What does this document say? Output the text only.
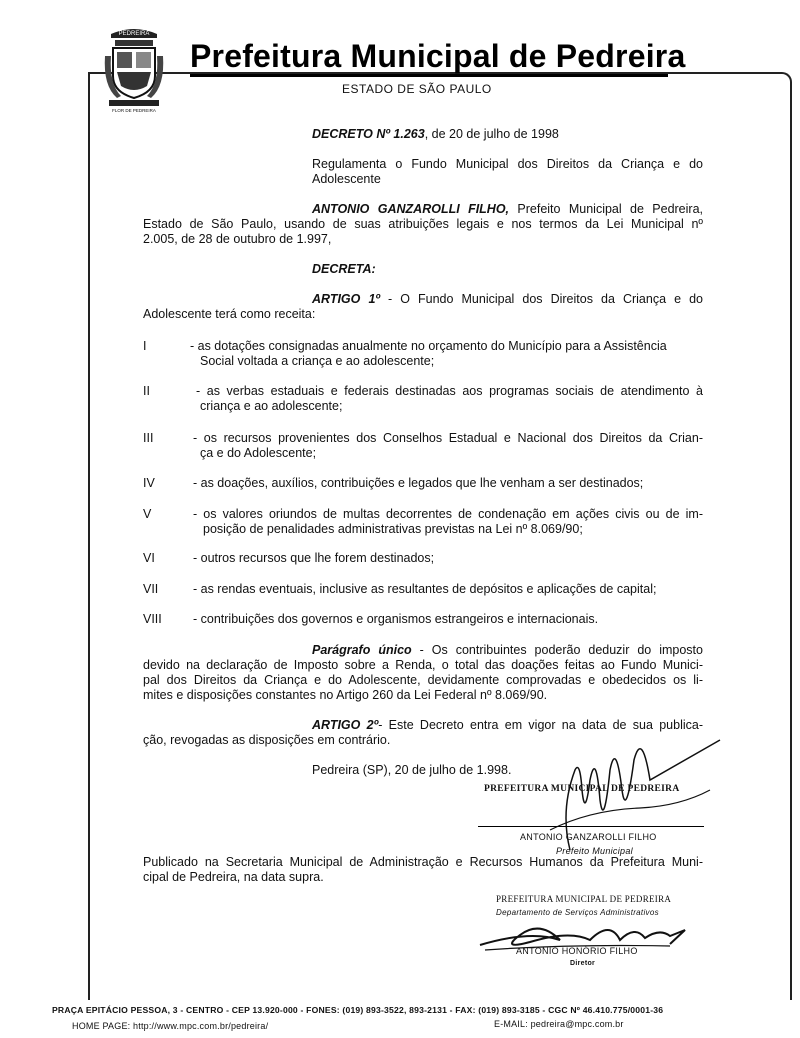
PEDREIRA
FLOR DE PEDREIRA
Prefeitura Municipal de Pedreira
ESTADO DE SÃO PAULO
DECRETO Nº 1.263, de 20 de julho de 1998
Regulamenta o Fundo Municipal dos Direitos da Criança e do
Adolescente
ANTONIO GANZAROLLI FILHO, Prefeito Municipal de Pedreira,
Estado de São Paulo, usando de suas atribuições legais e nos termos da Lei Municipal nº
2.005, de 28 de outubro de 1.997,
DECRETA:
ARTIGO 1º - O Fundo Municipal dos Direitos da Criança e do
Adolescente terá como receita:
I	- as dotações consignadas anualmente no orçamento do Município para a Assistência
Social voltada a criança e ao adolescente;
II	- as verbas estaduais e federais destinadas aos programas sociais de atendimento à
criança e ao adolescente;
III	- os recursos provenientes dos Conselhos Estadual e Nacional dos Direitos da Crian-
ça e do Adolescente;
IV	- as doações, auxílios, contribuições e legados que lhe venham a ser destinados;
V	- os valores oriundos de multas decorrentes de condenação em ações civis ou de im-
posição de penalidades administrativas previstas na Lei nº 8.069/90;
VI	- outros recursos que lhe forem destinados;
VII	- as rendas eventuais, inclusive as resultantes de depósitos e aplicações de capital;
VIII - contribuições dos governos e organismos estrangeiros e internacionais.
Parágrafo único - Os contribuintes poderão deduzir do imposto
devido na declaração de Imposto sobre a Renda, o total das doações feitas ao Fundo Munici-
pal dos Direitos da Criança e do Adolescente, devidamente comprovadas e obedecidos os li-
mites e disposições constantes no Artigo 260 da Lei Federal nº 8.069/90.
ARTIGO 2º- Este Decreto entra em vigor na data de sua publica-
ção, revogadas as disposições em contrário.
Pedreira (SP), 20 de julho de 1.998.
PREFEITURA MUNICIPAL DE PEDREIRA
ANTONIO GANZAROLLI FILHO
Prefeito Municipal
Publicado na Secretaria Municipal de Administração e Recursos Humanos da Prefeitura Muni-
cipal de Pedreira, na data supra.
PREFEITURA MUNICIPAL DE PEDREIRA
Departamento de Serviços Administrativos
ANTONIO HONÓRIO FILHO
Diretor
PRAÇA EPITÁCIO PESSOA, 3 - CENTRO - CEP 13.920-000 - FONES: (019) 893-3522, 893-2131 - FAX: (019) 893-3185 - CGC Nº 46.410.775/0001-36
HOME PAGE: http://www.mpc.com.br/pedreira/	E-MAIL: pedreira@mpc.com.br
